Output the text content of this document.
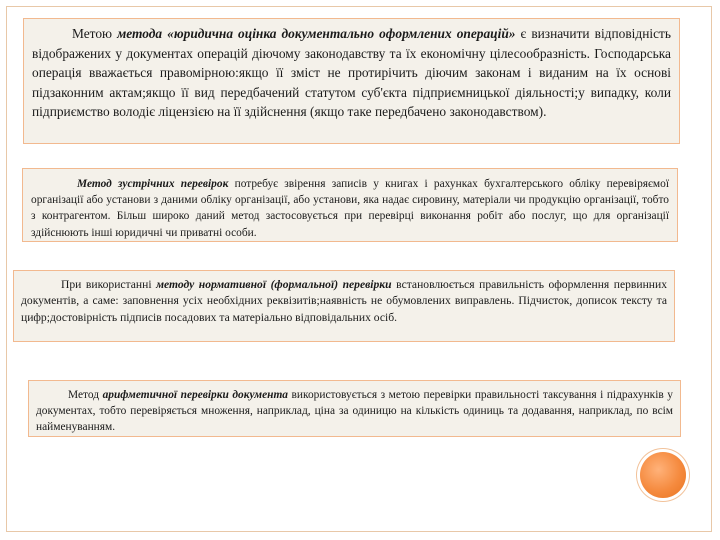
Метою метода «юридична оцінка документально оформлених операцій» є визначити відповідність відображених у документах операцій діючому законодавству та їх економічну цілесообразність. Господарська операція вважається правомірною:якщо її зміст не протирічить діючим законам і виданим на їх основі підзаконним актам;якщо її вид передбачений статутом суб'єкта підприємницької діяльності;у випадку, коли підприємство володіє ліцензією на її здійснення (якщо таке передбачено законодавством).

Метод зустрічних перевірок потребує звірення записів у книгах і рахунках бухгалтерського обліку перевіряємої організації або установи з даними обліку організації, або установи, яка надає сировину, матеріали чи продукцію організації, тобто з контрагентом. Більш широко даний метод застосовується при перевірці виконання робіт або послуг, що для організації здійснюють інші юридичні чи приватні особи.

При використанні методу нормативної (формальної) перевірки встановлюється правильність оформлення первинних документів, а саме: заповнення усіх необхідних реквізитів;наявність не обумовлених виправлень. Підчисток, дописок тексту та цифр;достовірність підписів посадових та матеріально відповідальних осіб.

Метод арифметичної перевірки документа використовується з метою перевірки правильності таксування і підрахунків у документах, тобто перевіряється множення, наприклад, ціна за одиницю на кількість одиниць та додавання, наприклад, по всім найменуванням.
